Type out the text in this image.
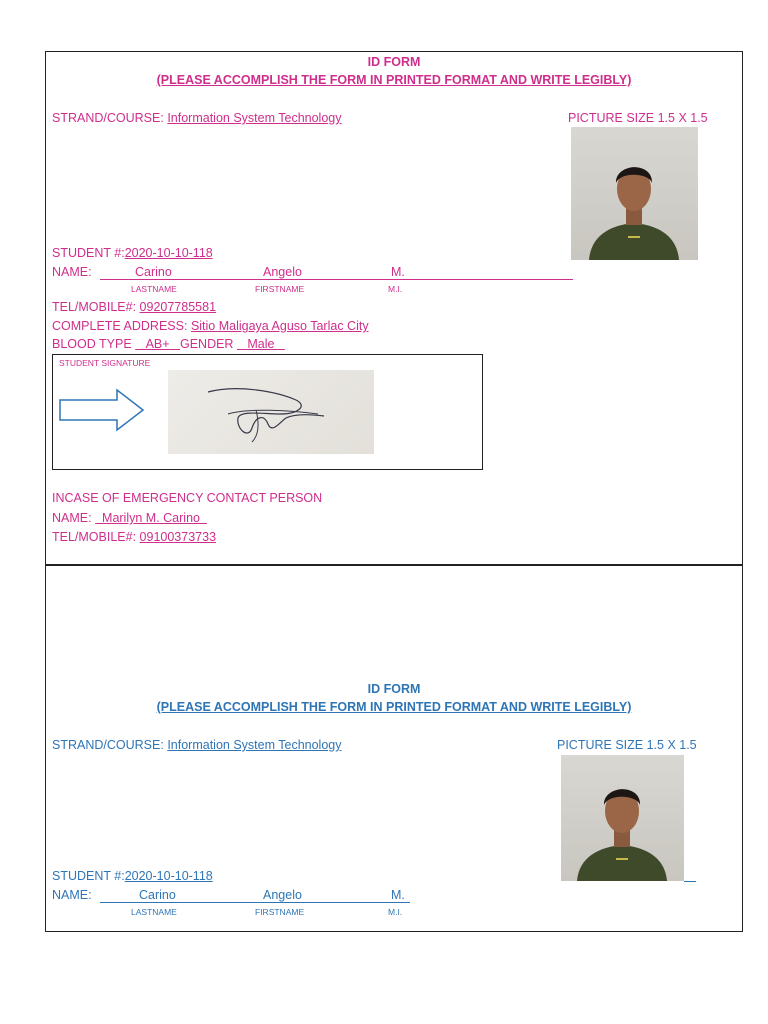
ID FORM
(PLEASE ACCOMPLISH THE FORM IN PRINTED FORMAT AND WRITE LEGIBLY)
STRAND/COURSE: Information System Technology	PICTURE SIZE 1.5 X 1.5
STUDENT #:2020-10-10-118
NAME:	Carino	Angelo	M.
LASTNAME	FIRSTNAME	M.I.
TEL/MOBILE#: 09207785581
COMPLETE ADDRESS: Sitio Maligaya Aguso Tarlac City
BLOOD TYPE AB+ GENDER Male
STUDENT SIGNATURE
INCASE OF EMERGENCY CONTACT PERSON
NAME: Marilyn M. Carino
TEL/MOBILE#: 09100373733
ID FORM
(PLEASE ACCOMPLISH THE FORM IN PRINTED FORMAT AND WRITE LEGIBLY)
STRAND/COURSE: Information System Technology	PICTURE SIZE 1.5 X 1.5
STUDENT #:2020-10-10-118
NAME:	Carino	Angelo	M.
LASTNAME	FIRSTNAME	M.I.
